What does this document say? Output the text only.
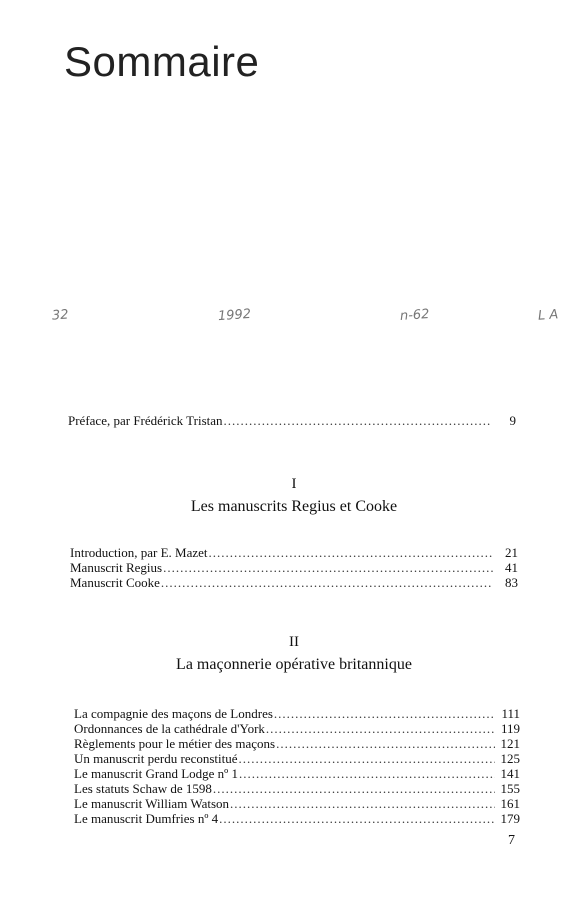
Sommaire
32	1992	n-62	L A
Préface, par Frédérick Tristan .....	9
I
Les manuscrits Regius et Cooke
Introduction, par E. Mazet .....	21
Manuscrit Regius .....	41
Manuscrit Cooke .....	83
II
La maçonnerie opérative britannique
La compagnie des maçons de Londres .....	111
Ordonnances de la cathédrale d'York .....	119
Règlements pour le métier des maçons .....	121
Un manuscrit perdu reconstitué .....	125
Le manuscrit Grand Lodge nº 1 .....	141
Les statuts Schaw de 1598 .....	155
Le manuscrit William Watson .....	161
Le manuscrit Dumfries nº 4 .....	179
7
